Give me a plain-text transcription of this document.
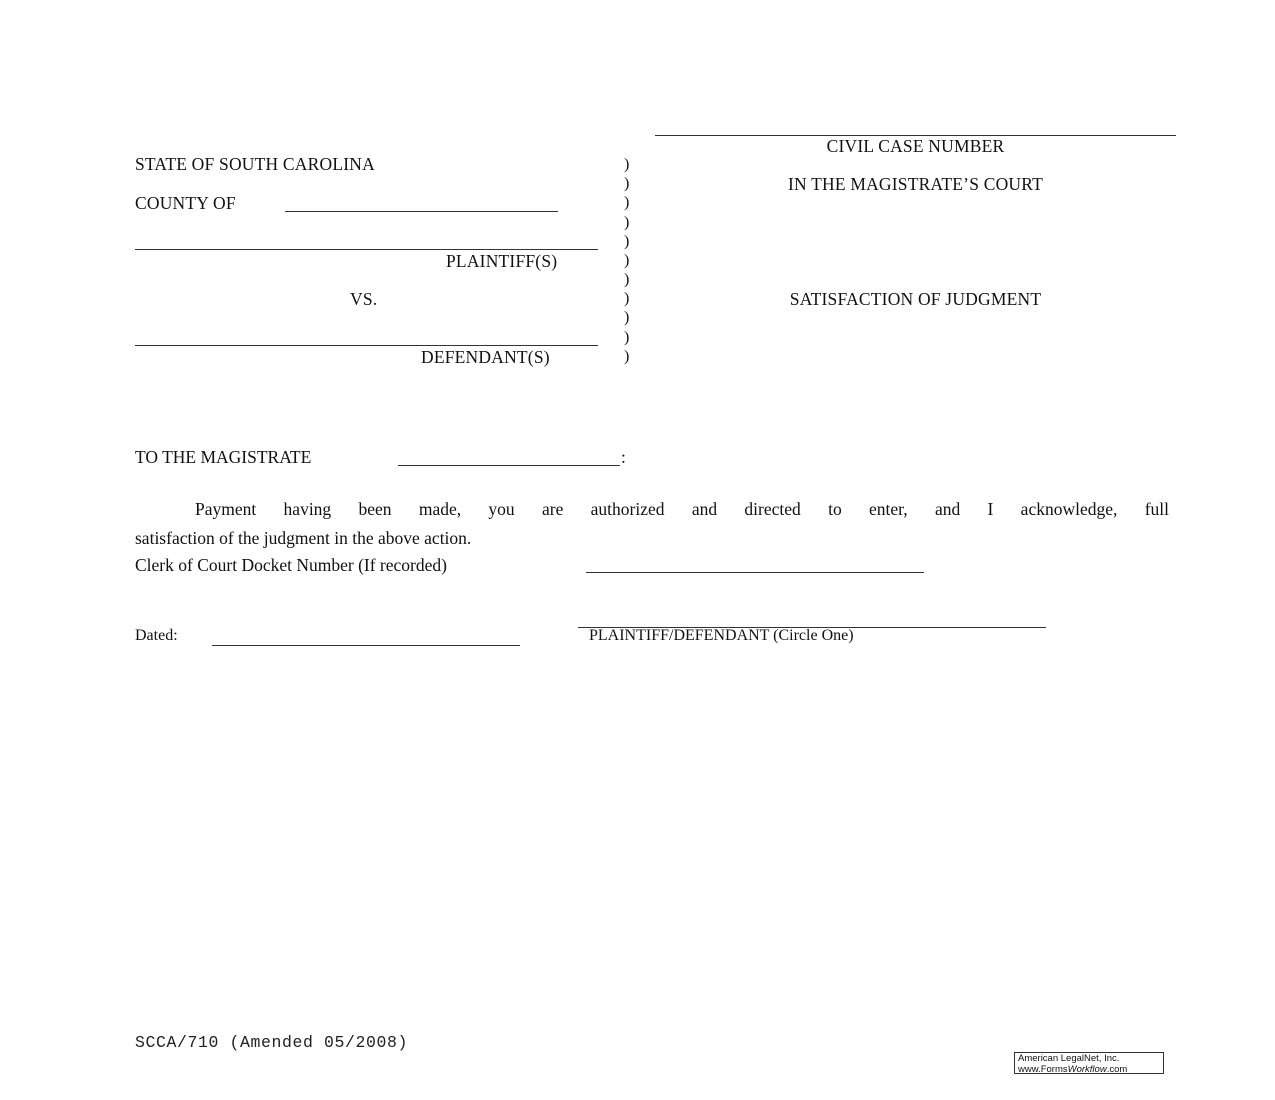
STATE OF SOUTH CAROLINA
COUNTY OF
PLAINTIFF(S)
VS.
DEFENDANT(S)
)
)
)
)
)
)
)
)
)
)
)
CIVIL CASE NUMBER
IN THE MAGISTRATE’S COURT
SATISFACTION OF JUDGMENT
TO THE MAGISTRATE	:
Payment having been made, you are authorized and directed to enter, and I acknowledge, full
satisfaction of the judgment in the above action.
Clerk of Court Docket Number (If recorded)
Dated:	PLAINTIFF/DEFENDANT (Circle One)
SCCA/710 (Amended 05/2008)
American LegalNet, Inc.
www.FormsWorkflow.com
